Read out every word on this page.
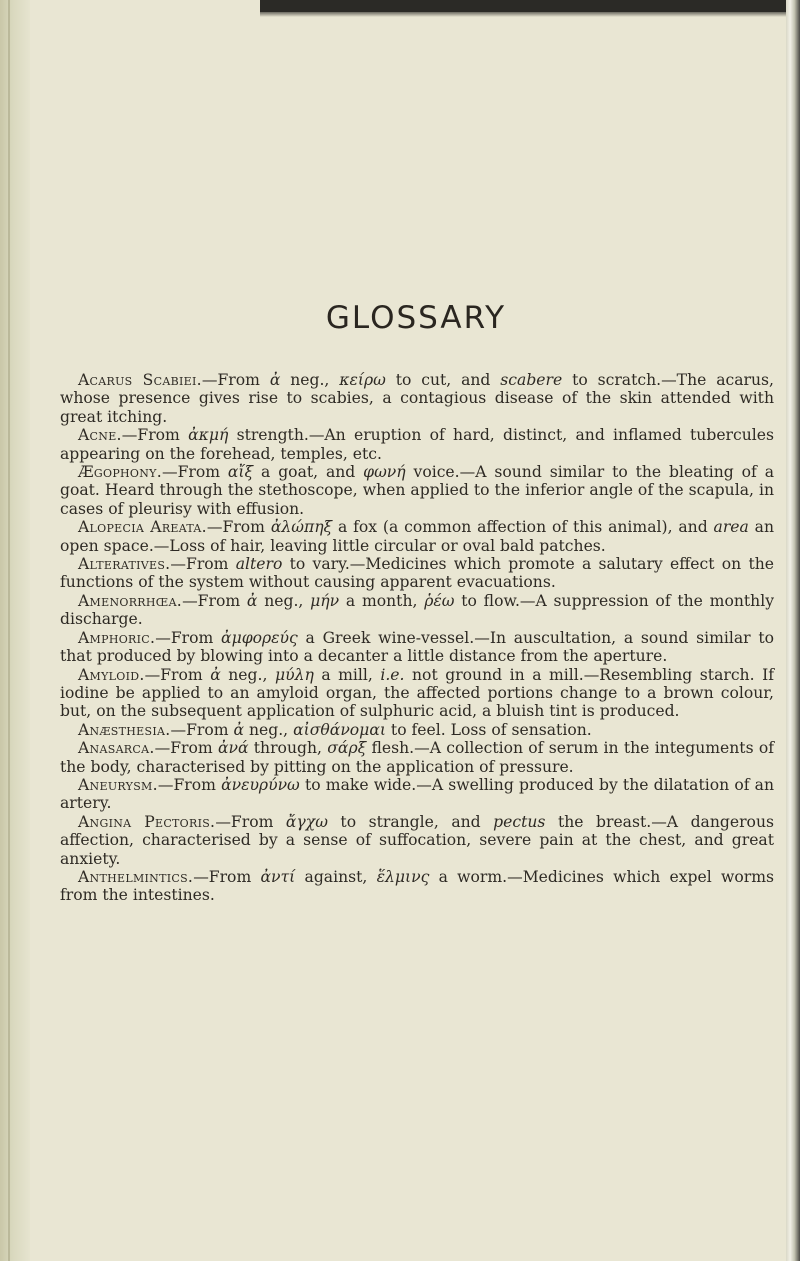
GLOSSARY

Acarus Scabiei.—From ἀ neg., κείρω to cut, and scabere to scratch.—The acarus, whose presence gives rise to scabies, a contagious disease of the skin attended with great itching.

Acne.—From ἀκμή strength.—An eruption of hard, distinct, and inflamed tubercules appearing on the forehead, temples, etc.

Ægophony.—From αἴξ a goat, and φωνή voice.—A sound similar to the bleating of a goat. Heard through the stethoscope, when applied to the inferior angle of the scapula, in cases of pleurisy with effusion.

Alopecia Areata.—From ἀλώπηξ a fox (a common affection of this animal), and area an open space.—Loss of hair, leaving little circular or oval bald patches.

Alteratives.—From altero to vary.—Medicines which promote a salutary effect on the functions of the system without causing apparent evacuations.

Amenorrhœa.—From ἀ neg., μήν a month, ῥέω to flow.—A suppression of the monthly discharge.

Amphoric.—From ἀμφορεύς a Greek wine-vessel.—In auscultation, a sound similar to that produced by blowing into a decanter a little distance from the aperture.

Amyloid.—From ἀ neg., μύλη a mill, i.e. not ground in a mill.—Resembling starch. If iodine be applied to an amyloid organ, the affected portions change to a brown colour, but, on the subsequent application of sulphuric acid, a bluish tint is produced.

Anæsthesia.—From ἀ neg., αἰσθάνομαι to feel. Loss of sensation.

Anasarca.—From ἀνά through, σάρξ flesh.—A collection of serum in the integuments of the body, characterised by pitting on the application of pressure.

Aneurysm.—From ἀνευρύνω to make wide.—A swelling produced by the dilatation of an artery.

Angina Pectoris.—From ἄγχω to strangle, and pectus the breast.—A dangerous affection, characterised by a sense of suffocation, severe pain at the chest, and great anxiety.

Anthelmintics.—From ἀντί against, ἕλμινς a worm.—Medicines which expel worms from the intestines.
